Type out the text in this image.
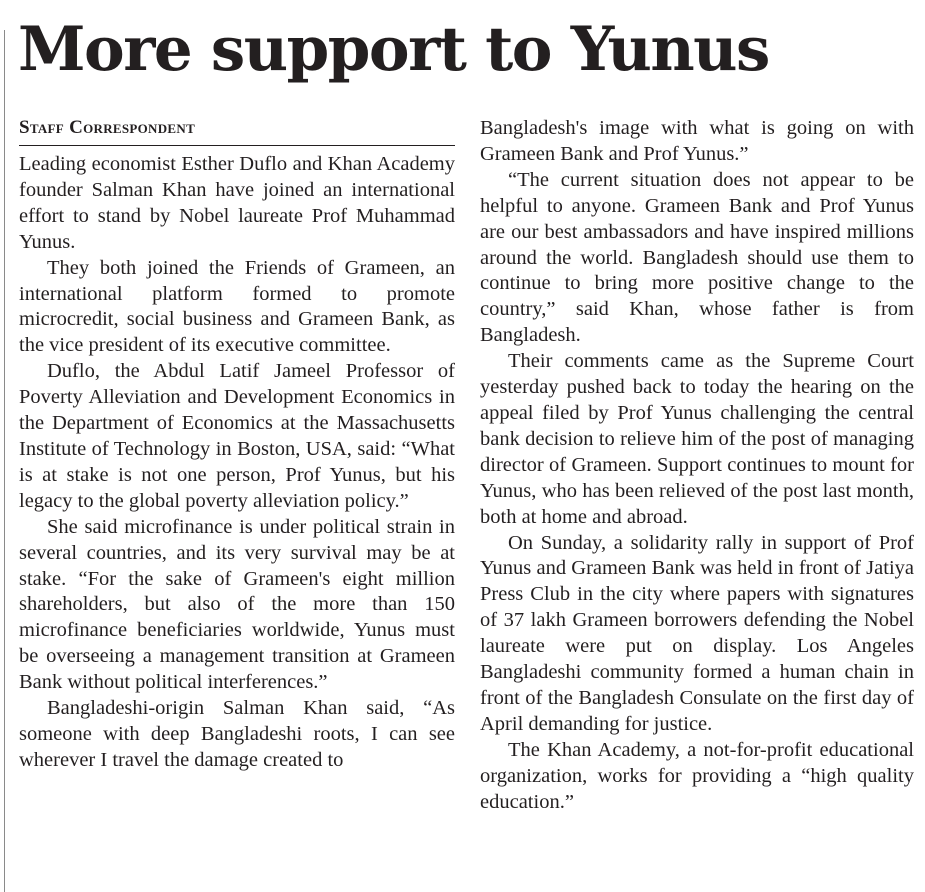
More support to Yunus
Staff Correspondent

Leading economist Esther Duflo and Khan Academy founder Salman Khan have joined an international effort to stand by Nobel laureate Prof Muhammad Yunus.

They both joined the Friends of Grameen, an international platform formed to promote microcredit, social business and Grameen Bank, as the vice president of its executive committee.

Duflo, the Abdul Latif Jameel Professor of Poverty Alleviation and Development Economics in the Department of Economics at the Massachusetts Institute of Technology in Boston, USA, said: “What is at stake is not one person, Prof Yunus, but his legacy to the global poverty alleviation policy.”

She said microfinance is under political strain in several countries, and its very survival may be at stake. “For the sake of Grameen's eight million shareholders, but also of the more than 150 microfinance beneficiaries worldwide, Yunus must be overseeing a management transition at Grameen Bank without political interferences.”

Bangladeshi-origin Salman Khan said, “As someone with deep Bangladeshi roots, I can see wherever I travel the damage created to

Bangladesh's image with what is going on with Grameen Bank and Prof Yunus.”

“The current situation does not appear to be helpful to anyone. Grameen Bank and Prof Yunus are our best ambassadors and have inspired millions around the world. Bangladesh should use them to continue to bring more positive change to the country,” said Khan, whose father is from Bangladesh.

Their comments came as the Supreme Court yesterday pushed back to today the hearing on the appeal filed by Prof Yunus challenging the central bank decision to relieve him of the post of managing director of Grameen. Support continues to mount for Yunus, who has been relieved of the post last month, both at home and abroad.

On Sunday, a solidarity rally in support of Prof Yunus and Grameen Bank was held in front of Jatiya Press Club in the city where papers with signatures of 37 lakh Grameen borrowers defending the Nobel laureate were put on display. Los Angeles Bangladeshi community formed a human chain in front of the Bangladesh Consulate on the first day of April demanding for justice.

The Khan Academy, a not-for-profit educational organization, works for providing a “high quality education.”
